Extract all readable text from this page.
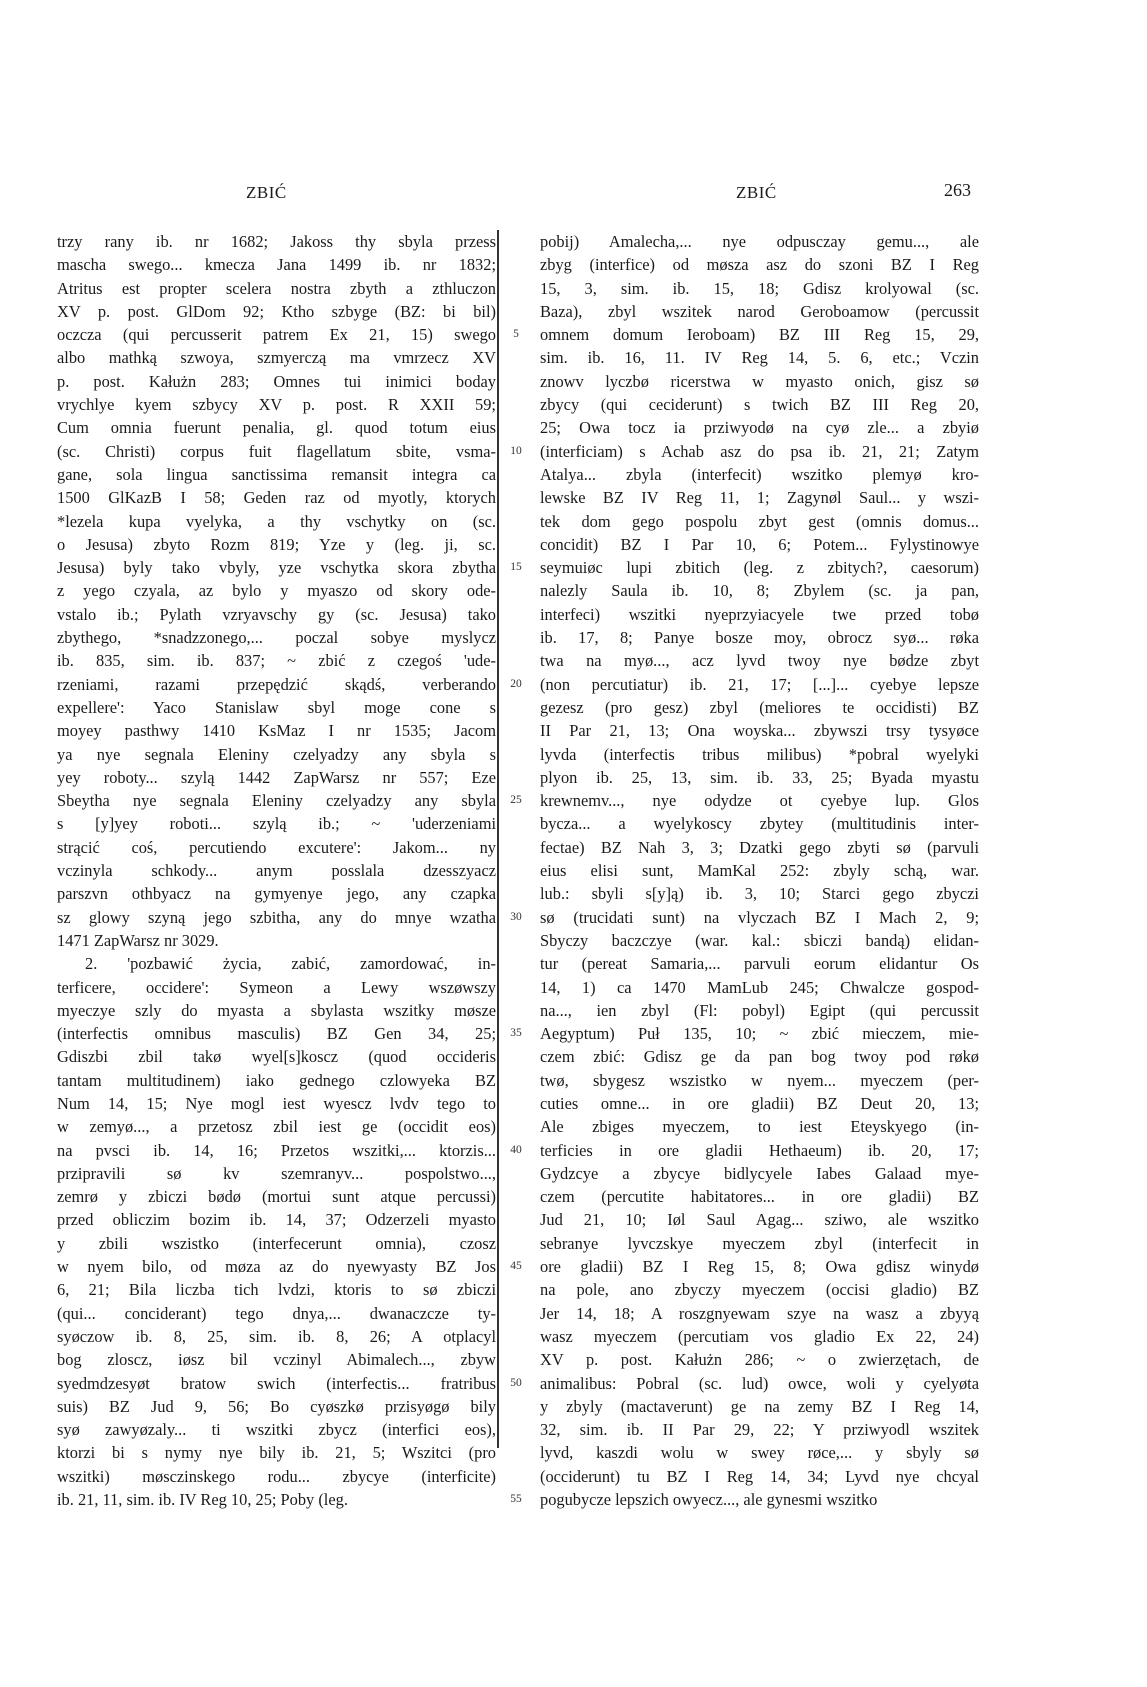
ZBIĆ	ZBIĆ	263
trzy rany ib. nr 1682; Jakoss thy sbyla przess
mascha swego... kmecza Jana 1499 ib. nr 1832;
Atritus est propter scelera nostra zbyth a zthluczon
XV p. post. GlDom 92; Ktho szbyge (BZ: bi bil)
oczcza (qui percusserit patrem Ex 21, 15) swego
albo mathką szwoya, szmyerczą ma vmrzecz XV
p. post. Kałużn 283; Omnes tui inimici boday
vrychlye kyem szbycy XV p. post. R XXII 59;
Cum omnia fuerunt penalia, gl. quod totum eius
(sc. Christi) corpus fuit flagellatum sbite, vsma-
gane, sola lingua sanctissima remansit integra ca
1500 GlKazB I 58; Geden raz od myotly, ktorych
*lezela kupa vyelyka, a thy vschytky on (sc.
o Jesusa) zbyto Rozm 819; Yze y (leg. ji, sc.
Jesusa) byly tako vbyly, yze vschytka skora zbytha
z yego czyala, az bylo y myaszo od skory ode-
vstalo ib.; Pylath vzryavschy gy (sc. Jesusa) tako
zbythego, *snadzzonego,... poczal sobye myslycz
ib. 835, sim. ib. 837; ~ zbić z czegoś 'ude-
rzeniami, razami przepędzić skądś, verberando
expellere': Yaco Stanislaw sbyl moge cone s
moyey pasthwy 1410 KsMaz I nr 1535; Jacom
ya nye segnala Eleniny czelyadzy any sbyla s
yey roboty... szylą 1442 ZapWarsz nr 557; Eze
Sbeytha nye segnala Eleniny czelyadzy any sbyla
s [y]yey roboti... szylą ib.; ~ 'uderzeniami
strącić coś, percutiendo excutere': Jakom... ny
vczinyla schkody... anym posslala dzesszyacz
parszvn othbyacz na gymyenye jego, any czapka
sz glowy szyną jego szbitha, any do mnye wzatha
1471 ZapWarsz nr 3029.
2. 'pozbawić życia, zabić, zamordować, in-
terficere, occidere': Symeon a Lewy wszøwszy
myeczye szly do myasta a sbylasta wszitky møsze
(interfectis omnibus masculis) BZ Gen 34, 25;
Gdiszbi zbil takø wyel[s]koscz (quod occideris
tantam multitudinem) iako gednego czlowyeka BZ
Num 14, 15; Nye mogl iest wyescz lvdv tego to
w zemyø..., a przetosz zbil iest ge (occidit eos)
na pvsci ib. 14, 16; Przetos wszitki,... ktorzis...
przipravili sø kv szemranyv... pospolstwo...,
zemrø y zbiczi bødø (mortui sunt atque percussi)
przed obliczim bozim ib. 14, 37; Odzerzeli myasto
y zbili wszistko (interfecerunt omnia), czosz
w nyem bilo, od møza az do nyewyasty BZ Jos
6, 21; Bila liczba tich lvdzi, ktoris to sø zbiczi
(qui... conciderant) tego dnya,... dwanaczcze ty-
syøczow ib. 8, 25, sim. ib. 8, 26; A otplacyl
bog zloscz, iøsz bil vczinyl Abimalech..., zbyw
syedmdzesyøt bratow swich (interfectis... fratribus
suis) BZ Jud 9, 56; Bo cyøszkø przisyøgø bily
syø zawyøzaly... ti wszitki zbycz (interfici eos),
ktorzi bi s nymy nye bily ib. 21, 5; Wszitci (pro
wszitki) møsczinskego rodu... zbycye (interficite)
ib. 21, 11, sim. ib. IV Reg 10, 25; Poby (leg.
5
10
15
20
25
30
35
40
45
50
55
pobij) Amalecha,... nye odpusczay gemu..., ale
zbyg (interfice) od møsza asz do szoni BZ I Reg
15, 3, sim. ib. 15, 18; Gdisz krolyowal (sc.
Baza), zbyl wszitek narod Geroboamow (percussit
omnem domum Ieroboam) BZ III Reg 15, 29,
sim. ib. 16, 11. IV Reg 14, 5. 6, etc.; Vczin
znowv lyczbø ricerstwa w myasto onich, gisz sø
zbycy (qui ceciderunt) s twich BZ III Reg 20,
25; Owa tocz ia prziwyodø na cyø zle... a zbyiø
(interficiam) s Achab asz do psa ib. 21, 21; Zatym
Atalya... zbyla (interfecit) wszitko plemyø kro-
lewske BZ IV Reg 11, 1; Zagynøl Saul... y wszi-
tek dom gego pospolu zbyt gest (omnis domus...
concidit) BZ I Par 10, 6; Potem... Fylystinowye
seymuiøc lupi zbitich (leg. z zbitych?, caesorum)
nalezly Saula ib. 10, 8; Zbylem (sc. ja pan,
interfeci) wszitki nyeprzyiacyele twe przed tobø
ib. 17, 8; Panye bosze moy, obrocz syø... røka
twa na myø..., acz lyvd twoy nye bødze zbyt
(non percutiatur) ib. 21, 17; [...]... cyebye lepsze
gezesz (pro gesz) zbyl (meliores te occidisti) BZ
II Par 21, 13; Ona woyska... zbywszi trsy tysyøce
lyvda (interfectis tribus milibus) *pobral wyelyki
plyon ib. 25, 13, sim. ib. 33, 25; Byada myastu
krewnemv..., nye odydze ot cyebye lup. Glos
bycza... a wyelykoscy zbytey (multitudinis inter-
fectae) BZ Nah 3, 3; Dzatki gego zbyti sø (parvuli
eius elisi sunt, MamKal 252: zbyly schą, war.
lub.: sbyli s[y]ą) ib. 3, 10; Starci gego zbyczi
sø (trucidati sunt) na vlyczach BZ I Mach 2, 9;
Sbyczy baczczye (war. kal.: sbiczi bandą) elidan-
tur (pereat Samaria,... parvuli eorum elidantur Os
14, 1) ca 1470 MamLub 245; Chwalcze gospod-
na..., ien zbyl (Fl: pobyl) Egipt (qui percussit
Aegyptum) Puł 135, 10; ~ zbić mieczem, mie-
czem zbić: Gdisz ge da pan bog twoy pod røkø
twø, sbygesz wszistko w nyem... myeczem (per-
cuties omne... in ore gladii) BZ Deut 20, 13;
Ale zbiges myeczem, to iest Eteyskyego (in-
terficies in ore gladii Hethaeum) ib. 20, 17;
Gydzcye a zbycye bidlycyele Iabes Galaad mye-
czem (percutite habitatores... in ore gladii) BZ
Jud 21, 10; Iøl Saul Agag... sziwo, ale wszitko
sebranye lyvczskye myeczem zbyl (interfecit in
ore gladii) BZ I Reg 15, 8; Owa gdisz winydø
na pole, ano zbyczy myeczem (occisi gladio) BZ
Jer 14, 18; A roszgnyewam szye na wasz a zbyyą
wasz myeczem (percutiam vos gladio Ex 22, 24)
XV p. post. Kałużn 286; ~ o zwierzętach, de
animalibus: Pobral (sc. lud) owce, woli y cyelyøta
y zbyly (mactaverunt) ge na zemy BZ I Reg 14,
32, sim. ib. II Par 29, 22; Y prziwyodl wszitek
lyvd, kaszdi wolu w swey røce,... y sbyly sø
(occiderunt) tu BZ I Reg 14, 34; Lyvd nye chcyal
pogubycze lepszich owyecz..., ale gynesmi wszitko
